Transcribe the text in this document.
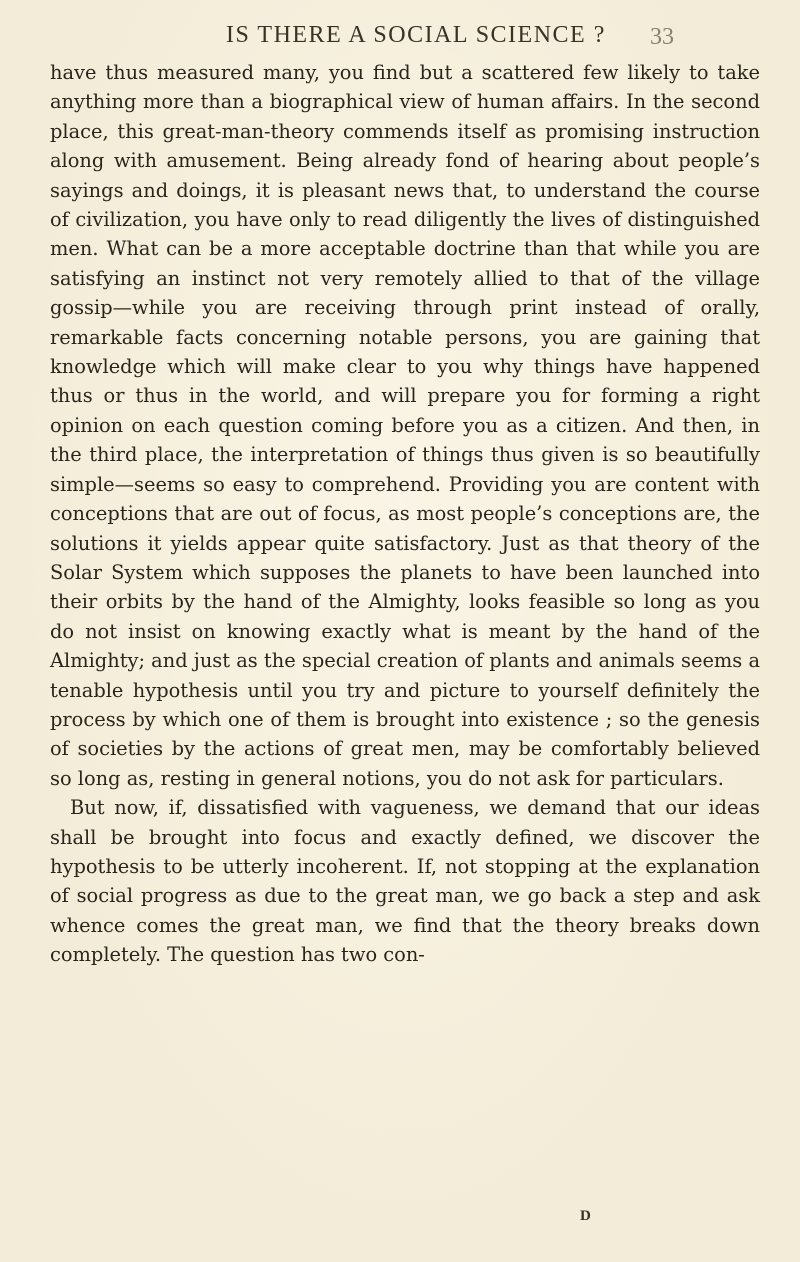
IS THERE A SOCIAL SCIENCE ? 33

have thus measured many, you find but a scattered few likely to take anything more than a biographical view of human affairs. In the second place, this great-man-theory commends itself as promising instruction along with amusement. Being already fond of hearing about people’s sayings and doings, it is pleasant news that, to understand the course of civilization, you have only to read diligently the lives of distinguished men. What can be a more acceptable doctrine than that while you are satisfying an instinct not very remotely allied to that of the village gossip—while you are receiving through print instead of orally, remarkable facts concerning notable persons, you are gaining that knowledge which will make clear to you why things have happened thus or thus in the world, and will prepare you for forming a right opinion on each question coming before you as a citizen. And then, in the third place, the interpretation of things thus given is so beautifully simple—seems so easy to comprehend. Providing you are content with conceptions that are out of focus, as most people’s conceptions are, the solutions it yields appear quite satisfactory. Just as that theory of the Solar System which supposes the planets to have been launched into their orbits by the hand of the Almighty, looks feasible so long as you do not insist on knowing exactly what is meant by the hand of the Almighty; and just as the special creation of plants and animals seems a tenable hypothesis until you try and picture to yourself definitely the process by which one of them is brought into existence ; so the genesis of societies by the actions of great men, may be comfortably believed so long as, resting in general notions, you do not ask for particulars.

But now, if, dissatisfied with vagueness, we demand that our ideas shall be brought into focus and exactly defined, we discover the hypothesis to be utterly incoherent. If, not stopping at the explanation of social progress as due to the great man, we go back a step and ask whence comes the great man, we find that the theory breaks down completely. The question has two con-

D
